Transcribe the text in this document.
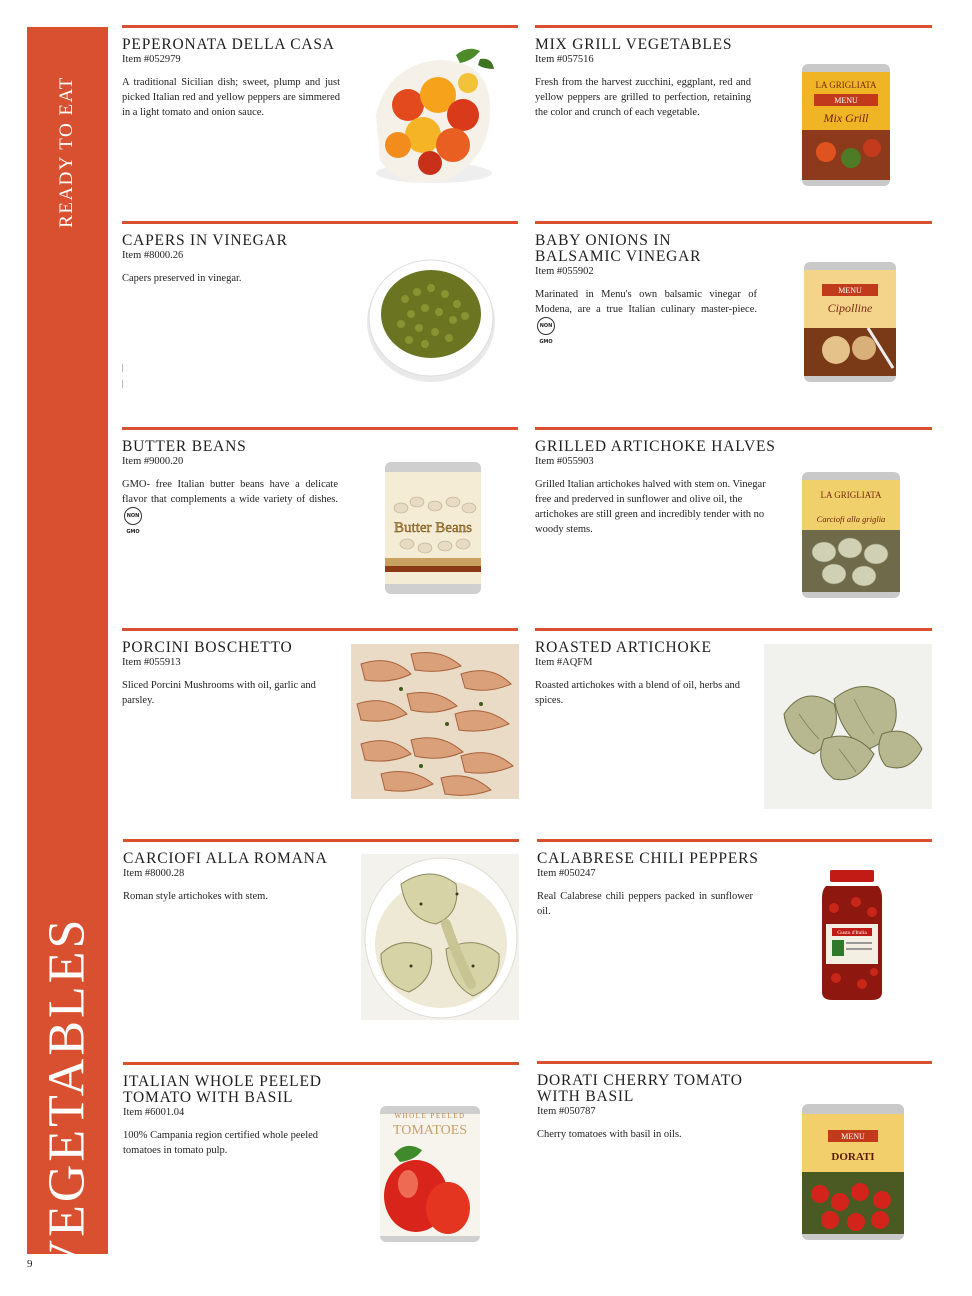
READY TO EAT
VEGETABLES
9
PEPERONATA DELLA CASA
Item #052979
A traditional Sicilian dish; sweet, plump and just picked Italian red and yellow peppers are simmered in a light tomato and onion sauce.
MIX GRILL VEGETABLES
Item #057516
Fresh from the harvest zucchini, eggplant, red and yellow peppers are grilled to perfection, retaining the color and crunch of each vegetable.
LA GRIGLIATA
MENU
Mix Grill
CAPERS IN VINEGAR
Item #8000.26
Capers preserved in vinegar.
BABY ONIONS IN BALSAMIC VINEGAR
Item #055902
Marinated in Menu's own balsamic vinegar of Modena, are a true Italian culinary master-piece.NON GMO
MENU
Cipolline
BUTTER BEANS
Item #9000.20
GMO- free Italian butter beans have a delicate flavor that complements a wide variety of dishes.NON GMO	Butter Beans
GRILLED ARTICHOKE HALVES
Item #055903
Grilled Italian artichokes halved with stem on. Vinegar free and prederved in sunflower and olive oil, the artichokes are still green and incredibly tender with no woody stems.
LA GRIGLIATA
Carciofi alla griglia
PORCINI BOSCHETTO
Item #055913
Sliced Porcini Mushrooms with oil, garlic and parsley.
ROASTED ARTICHOKE
Item #AQFM
Roasted artichokes with a blend of oil, herbs and spices.
CARCIOFI ALLA ROMANA
Item #8000.28
Roman style artichokes with stem.
CALABRESE CHILI PEPPERS
Item #050247
Real Calabrese chili peppers packed in sunflower oil.
Gusto d'Italia
ITALIAN WHOLE PEELED TOMATO WITH BASIL
Item #6001.04
100% Campania region certified whole peeled tomatoes in tomato pulp.
WHOLE PEELED
TOMATOES
DORATI CHERRY TOMATO WITH BASIL
Item #050787
Cherry tomatoes with basil in oils.	MENU
DORATI
